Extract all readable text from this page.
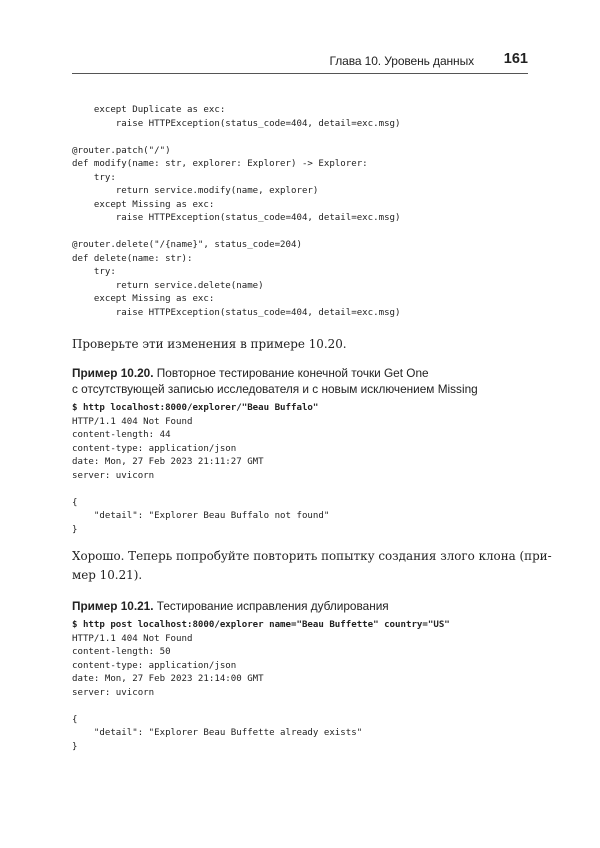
Глава 10. Уровень данных 161
except Duplicate as exc:
raise HTTPException(status_code=404, detail=exc.msg)
@router.patch("/")
def modify(name: str, explorer: Explorer) -> Explorer:
try:
return service.modify(name, explorer)
except Missing as exc:
raise HTTPException(status_code=404, detail=exc.msg)
@router.delete("/{name}", status_code=204)
def delete(name: str):
try:
return service.delete(name)
except Missing as exc:
raise HTTPException(status_code=404, detail=exc.msg)

Проверьте эти изменения в примере 10.20.

Пример 10.20. Повторное тестирование конечной точки Get One
с отсутствующей записью исследователя и с новым исключением Missing
$ http localhost:8000/explorer/"Beau Buffalo"
HTTP/1.1 404 Not Found
content-length: 44
content-type: application/json
date: Mon, 27 Feb 2023 21:11:27 GMT
server: uvicorn
{
"detail": "Explorer Beau Buffalo not found"
}

Хорошо. Теперь попробуйте повторить попытку создания злого клона (при-
мер 10.21).

Пример 10.21. Тестирование исправления дублирования
$ http post localhost:8000/explorer name="Beau Buffette" country="US"
HTTP/1.1 404 Not Found
content-length: 50
content-type: application/json
date: Mon, 27 Feb 2023 21:14:00 GMT
server: uvicorn
{
"detail": "Explorer Beau Buffette already exists"
}
